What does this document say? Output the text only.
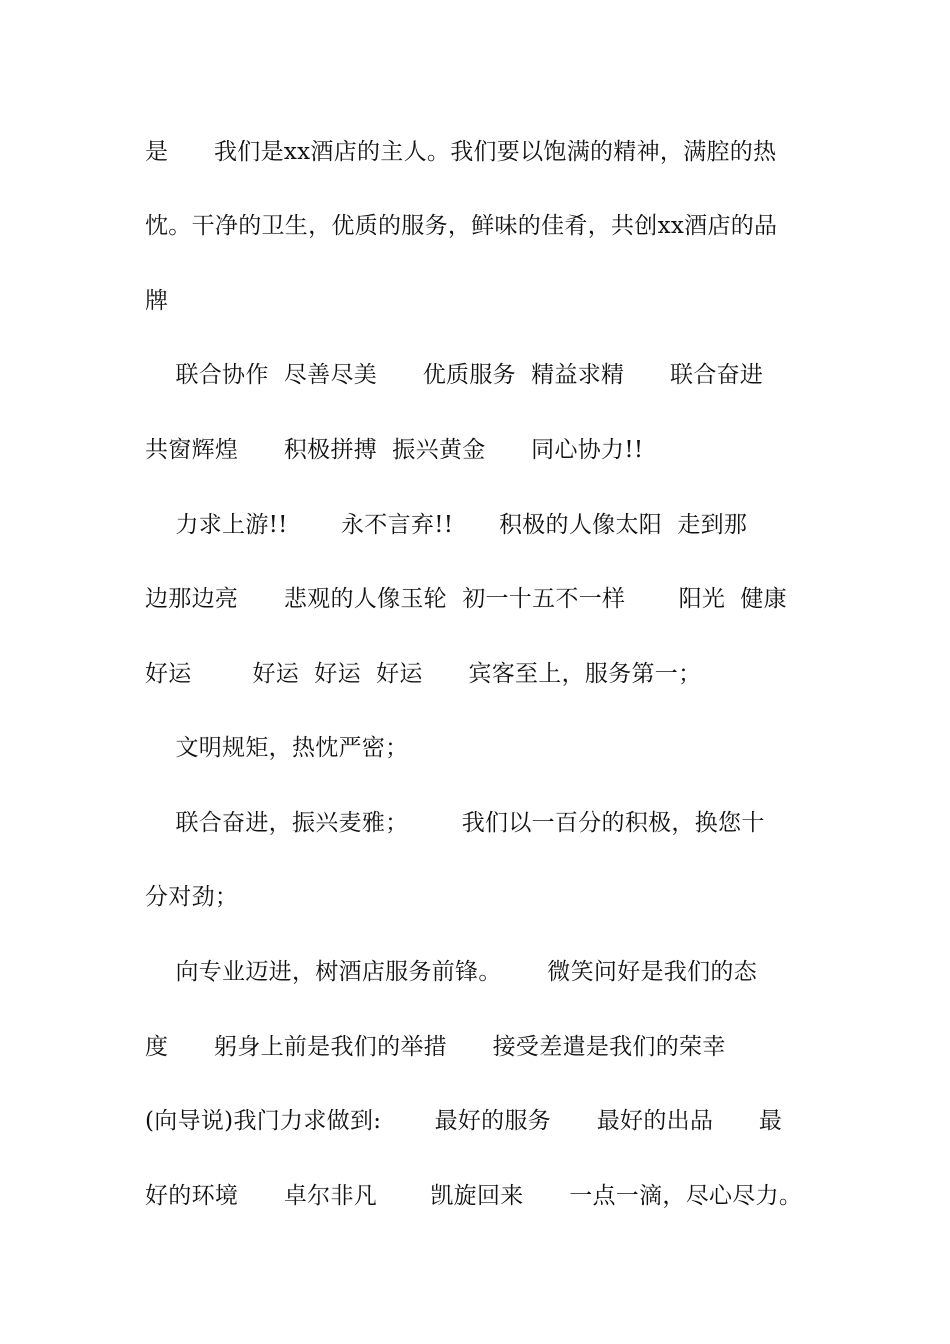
是      我们是xx酒店的主人。我们要以饱满的精神，满腔的热
忱。干净的卫生，优质的服务，鲜味的佳肴，共创xx酒店的品
牌
联合协作  尽善尽美      优质服务  精益求精      联合奋进
共窗辉煌      积极拼搏  振兴黄金      同心协力!!
力求上游!!       永不言弃!!      积极的人像太阳  走到那
边那边亮      悲观的人像玉轮  初一十五不一样       阳光  健康
好运        好运  好运  好运      宾客至上，服务第一；
文明规矩，热忱严密；
联合奋进，振兴麦雅；       我们以一百分的积极，换您十
分对劲；
向专业迈进，树酒店服务前锋。      微笑问好是我们的态
度      躬身上前是我们的举措      接受差遣是我们的荣幸
(向导说)我门力求做到:       最好的服务      最好的出品      最
好的环境      卓尔非凡       凯旋回来      一点一滴，尽心尽力。
